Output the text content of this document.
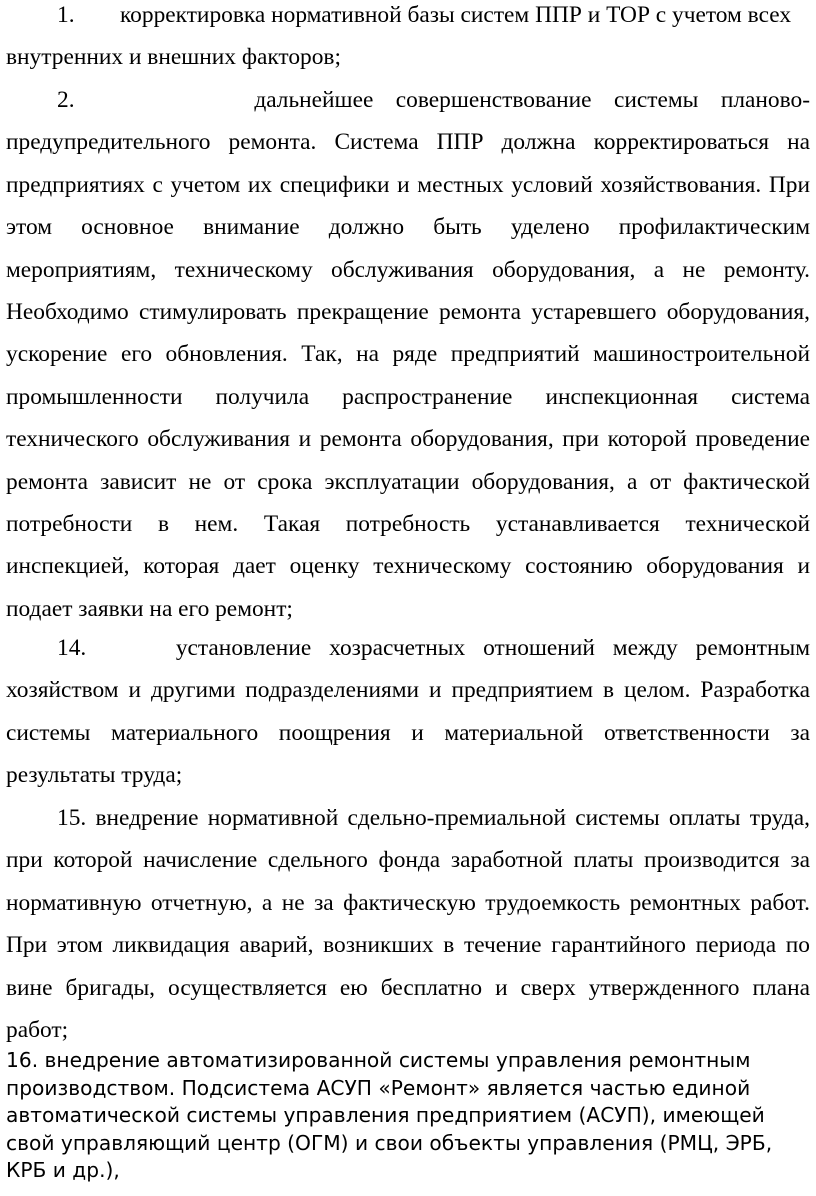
1. корректировка нормативной базы систем ППР и ТОР с учетом всех
внутренних и внешних факторов;

2.        дальнейшее совершенствование системы планово-предупредительного ремонта. Система ППР должна корректироваться на предприятиях с учетом их специфики и местных условий хозяйствования. При этом основное внимание должно быть уделено профилактическим мероприятиям, техническому обслуживания оборудования, а не ремонту. Необходимо стимулировать прекращение ремонта устаревшего оборудования, ускорение его обновления. Так, на ряде предприятий машиностроительной промышленности получила распространение инспекционная система технического обслуживания и ремонта оборудования, при которой проведение ремонта зависит не от срока эксплуатации оборудования, а от фактической потребности в нем. Такая потребность устанавливается технической инспекцией, которая дает оценку техническому состоянию оборудования и подает заявки на его ремонт;

14.     установление хозрасчетных отношений между ремонтным хозяйством и другими подразделениями и предприятием в целом. Разработка системы материального поощрения и материальной ответственности за результаты труда;

15. внедрение нормативной сдельно-премиальной системы оплаты труда, при которой начисление сдельного фонда заработной платы производится за нормативную отчетную, а не за фактическую трудоемкость ремонтных работ. При этом ликвидация аварий, возникших в течение гарантийного периода по вине бригады, осуществляется ею бесплатно и сверх утвержденного плана работ;

16. внедрение автоматизированной системы управления ремонтным производством. Подсистема АСУП «Ремонт» является частью единой автоматической системы управления предприятием (АСУП), имеющей свой управляющий центр (ОГМ) и свои объекты управления (РМЦ, ЭРБ, КРБ и др.),
